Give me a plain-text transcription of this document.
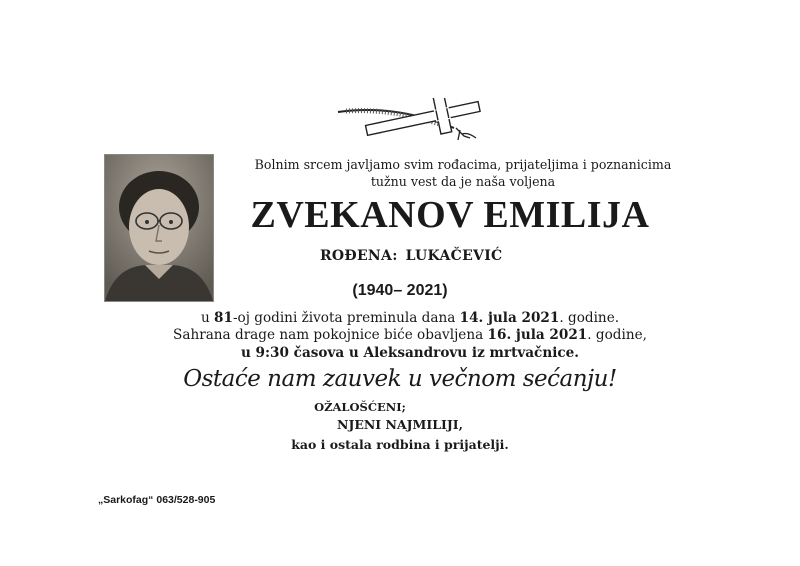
Bolnim srcem javljamo svim rođacima, prijateljima i poznanicima
tužnu vest da je naša voljena
ZVEKANOV EMILIJA
ROĐENA: LUKAČEVIĆ
(1940– 2021)
u 81-oj godini života preminula dana 14. jula 2021. godine.
Sahrana drage nam pokojnice biće obavljena 16. jula 2021. godine,
u 9:30 časova u Aleksandrovu iz mrtvačnice.
Ostaće nam zauvek u večnom sećanju!
OŽALOŠĆENI;
NJENI NAJMILIJI,
kao i ostala rodbina i prijatelji.
„Sarkofag“ 063/528-905
